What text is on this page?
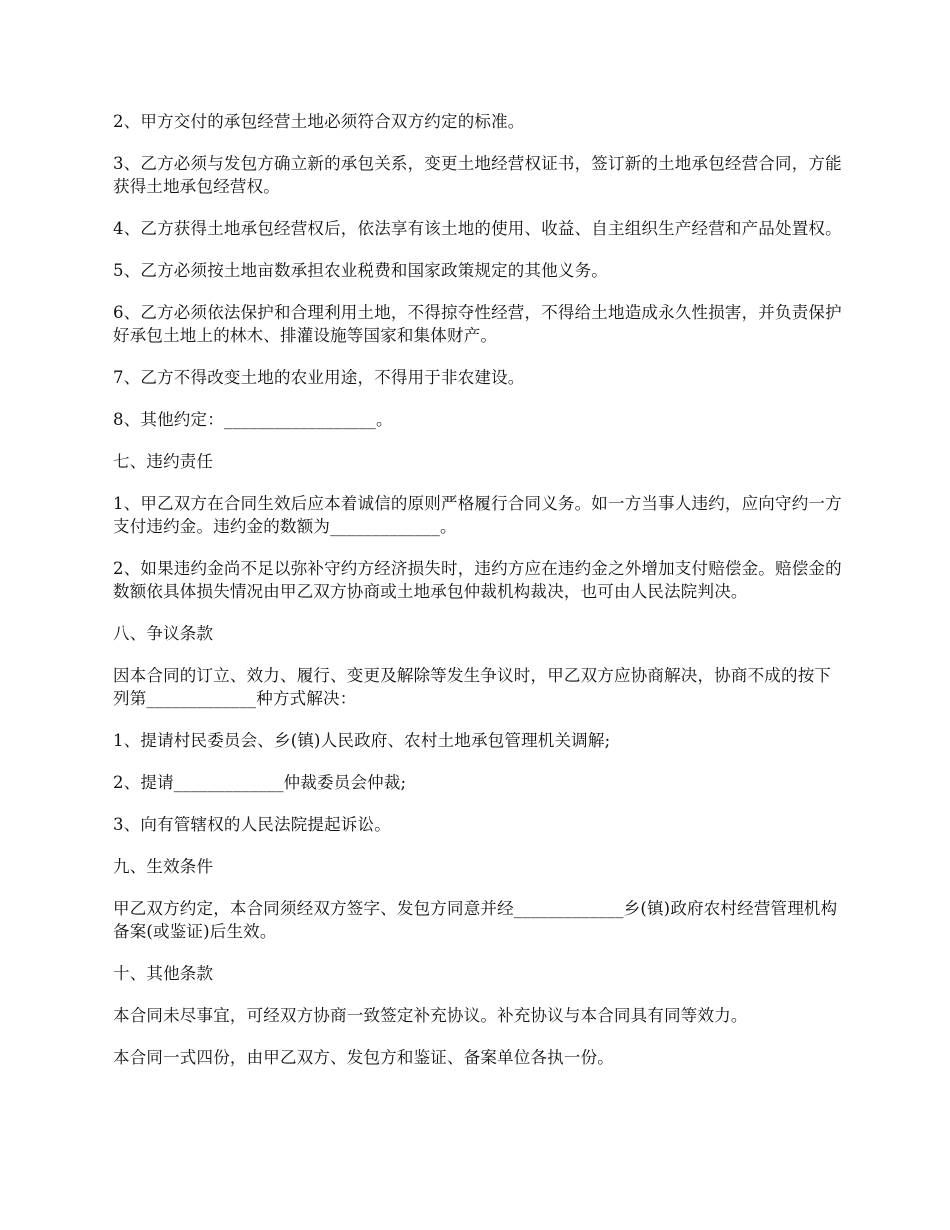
2、甲方交付的承包经营土地必须符合双方约定的标准。

3、乙方必须与发包方确立新的承包关系，变更土地经营权证书，签订新的土地承包经营合同，方能获得土地承包经营权。

4、乙方获得土地承包经营权后，依法享有该土地的使用、收益、自主组织生产经营和产品处置权。

5、乙方必须按土地亩数承担农业税费和国家政策规定的其他义务。

6、乙方必须依法保护和合理利用土地，不得掠夺性经营，不得给土地造成永久性损害，并负责保护好承包土地上的林木、排灌设施等国家和集体财产。

7、乙方不得改变土地的农业用途，不得用于非农建设。

8、其他约定：__________________。

七、违约责任

1、甲乙双方在合同生效后应本着诚信的原则严格履行合同义务。如一方当事人违约，应向守约一方支付违约金。违约金的数额为_____________。

2、如果违约金尚不足以弥补守约方经济损失时，违约方应在违约金之外增加支付赔偿金。赔偿金的数额依具体损失情况由甲乙双方协商或土地承包仲裁机构裁决，也可由人民法院判决。

八、争议条款

因本合同的订立、效力、履行、变更及解除等发生争议时，甲乙双方应协商解决，协商不成的按下列第_____________种方式解决：

1、提请村民委员会、乡(镇)人民政府、农村土地承包管理机关调解;

2、提请_____________仲裁委员会仲裁;

3、向有管辖权的人民法院提起诉讼。

九、生效条件

甲乙双方约定，本合同须经双方签字、发包方同意并经_____________乡(镇)政府农村经营管理机构备案(或鉴证)后生效。

十、其他条款

本合同未尽事宜，可经双方协商一致签定补充协议。补充协议与本合同具有同等效力。

本合同一式四份，由甲乙双方、发包方和鉴证、备案单位各执一份。
